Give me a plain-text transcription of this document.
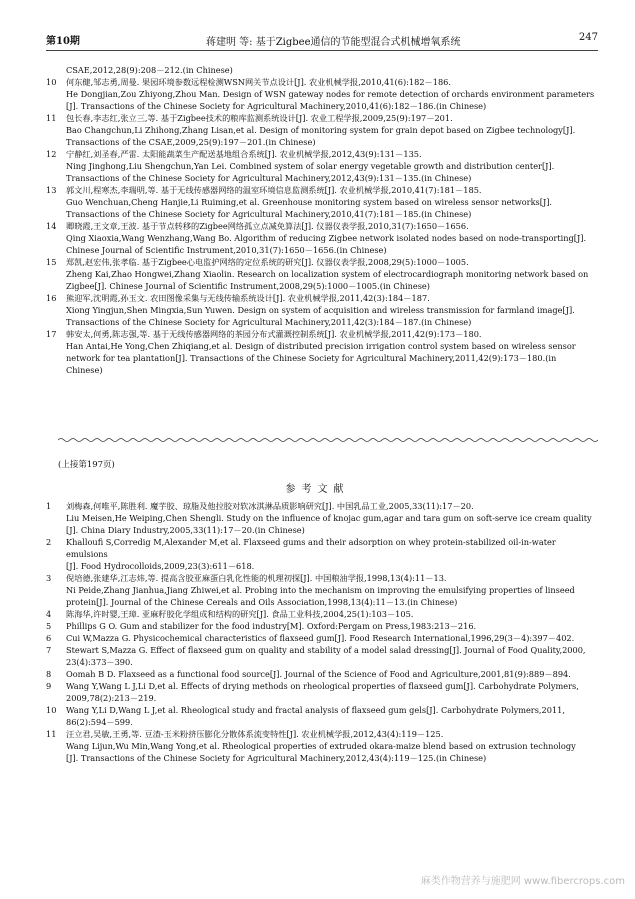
第10期	蒋建明 等: 基于Zigbee通信的节能型混合式机械增氧系统	247

CSAE,2012,28(9):208－212.(in Chinese)

10	何东健,邹志勇,周曼. 果园环境参数远程检测WSN网关节点设计[J]. 农业机械学报,2010,41(6):182－186.

He Dongjian,Zou Zhiyong,Zhou Man. Design of WSN gateway nodes for remote detection of orchards environment parameters

[J]. Transactions of the Chinese Society for Agricultural Machinery,2010,41(6):182－186.(in Chinese)

11	包长春,李志红,张立三,等. 基于Zigbee技术的粮库监测系统设计[J]. 农业工程学报,2009,25(9):197－201.

Bao Changchun,Li Zhihong,Zhang Lisan,et al. Design of monitoring system for grain depot based on Zigbee technology[J].

Transactions of the CSAE,2009,25(9):197－201.(in Chinese)

12	宁静红,刘圣春,严雷. 太阳能蔬菜生产配送基地组合系统[J]. 农业机械学报,2012,43(9):131－135.

Ning Jinghong,Liu Shengchun,Yan Lei. Combined system of solar energy vegetable growth and distribution center[J].

Transactions of the Chinese Society for Agricultural Machinery,2012,43(9):131－135.(in Chinese)

13	郭文川,程寒杰,李瑞明,等. 基于无线传感器网络的温室环境信息监测系统[J]. 农业机械学报,2010,41(7):181－185.

Guo Wenchuan,Cheng Hanjie,Li Ruiming,et al. Greenhouse monitoring system based on wireless sensor networks[J].

Transactions of the Chinese Society for Agricultural Machinery,2010,41(7):181－185.(in Chinese)

14	卿晓霞,王文章,王波. 基于节点转移的Zigbee网络孤立点减免算法[J]. 仪器仪表学报,2010,31(7):1650－1656.

Qing Xiaoxia,Wang Wenzhang,Wang Bo. Algorithm of reducing Zigbee network isolated nodes based on node-transporting[J].

Chinese Journal of Scientific Instrument,2010,31(7):1650－1656.(in Chinese)

15	郑凯,赵宏伟,张孝临. 基于Zigbee心电监护网络的定位系统的研究[J]. 仪器仪表学报,2008,29(5):1000－1005.

Zheng Kai,Zhao Hongwei,Zhang Xiaolin. Research on localization system of electrocardiograph monitoring network based on

Zigbee[J]. Chinese Journal of Scientific Instrument,2008,29(5):1000－1005.(in Chinese)

16	熊迎军,沈明霞,孙玉文. 农田图像采集与无线传输系统设计[J]. 农业机械学报,2011,42(3):184－187.

Xiong Yingjun,Shen Mingxia,Sun Yuwen. Design on system of acquisition and wireless transmission for farmland image[J].

Transactions of the Chinese Society for Agricultural Machinery,2011,42(3):184－187.(in Chinese)

17	韩安太,何勇,陈志强,等. 基于无线传感器网络的茶园分布式灌溉控制系统[J]. 农业机械学报,2011,42(9):173－180.

Han Antai,He Yong,Chen Zhiqiang,et al. Design of distributed precision irrigation control system based on wireless sensor

network for tea plantation[J]. Transactions of the Chinese Society for Agricultural Machinery,2011,42(9):173－180.(in

Chinese)

(上接第197页)
参考文献
1	刘梅森,何唯平,陈胜利. 魔芋胶、琼脂及他拉胶对软冰淇淋品质影响研究[J]. 中国乳品工业,2005,33(11):17－20.

Liu Meisen,He Weiping,Chen Shengli. Study on the influence of knojac gum,agar and tara gum on soft-serve ice cream quality

[J]. China Diary Industry,2005,33(11):17－20.(in Chinese)

2	Khalloufi S,Corredig M,Alexander M,et al. Flaxseed gums and their adsorption on whey protein-stabilized oil-in-water emulsions

[J]. Food Hydrocolloids,2009,23(3):611－618.

3	倪培德,张建华,江志炜,等. 提高含胶亚麻蛋白乳化性能的机理初探[J]. 中国粮油学报,1998,13(4):11－13.

Ni Peide,Zhang Jianhua,Jiang Zhiwei,et al. Probing into the mechanism on improving the emulsifying properties of linseed

protein[J]. Journal of the Chinese Cereals and Oils Association,1998,13(4):11－13.(in Chinese)

4	陈海华,许时婴,王璋. 亚麻籽胶化学组成和结构的研究[J]. 食品工业科技,2004,25(1):103－105.

5	Phillips G O. Gum and stabilizer for the food industry[M]. Oxford:Pergam on Press,1983:213－216.

6	Cui W,Mazza G. Physicochemical characteristics of flaxseed gum[J]. Food Research International,1996,29(3－4):397－402.

7	Stewart S,Mazza G. Effect of flaxseed gum on quality and stability of a model salad dressing[J]. Journal of Food Quality,2000,

23(4):373－390.

8	Oomah B D. Flaxseed as a functional food source[J]. Journal of the Science of Food and Agriculture,2001,81(9):889－894.

9	Wang Y,Wang L J,Li D,et al. Effects of drying methods on rheological properties of flaxseed gum[J]. Carbohydrate Polymers,

2009,78(2):213－219.

10	Wang Y,Li D,Wang L J,et al. Rheological study and fractal analysis of flaxseed gum gels[J]. Carbohydrate Polymers,2011,

86(2):594－599.

11	汪立君,吴敏,王勇,等. 豆渣-玉米粉挤压膨化分散体系流变特性[J]. 农业机械学报,2012,43(4):119－125.

Wang Lijun,Wu Min,Wang Yong,et al. Rheological properties of extruded okara-maize blend based on extrusion technology

[J]. Transactions of the Chinese Society for Agricultural Machinery,2012,43(4):119－125.(in Chinese)

麻类作物营养与施肥网 www.fibercrops.com
